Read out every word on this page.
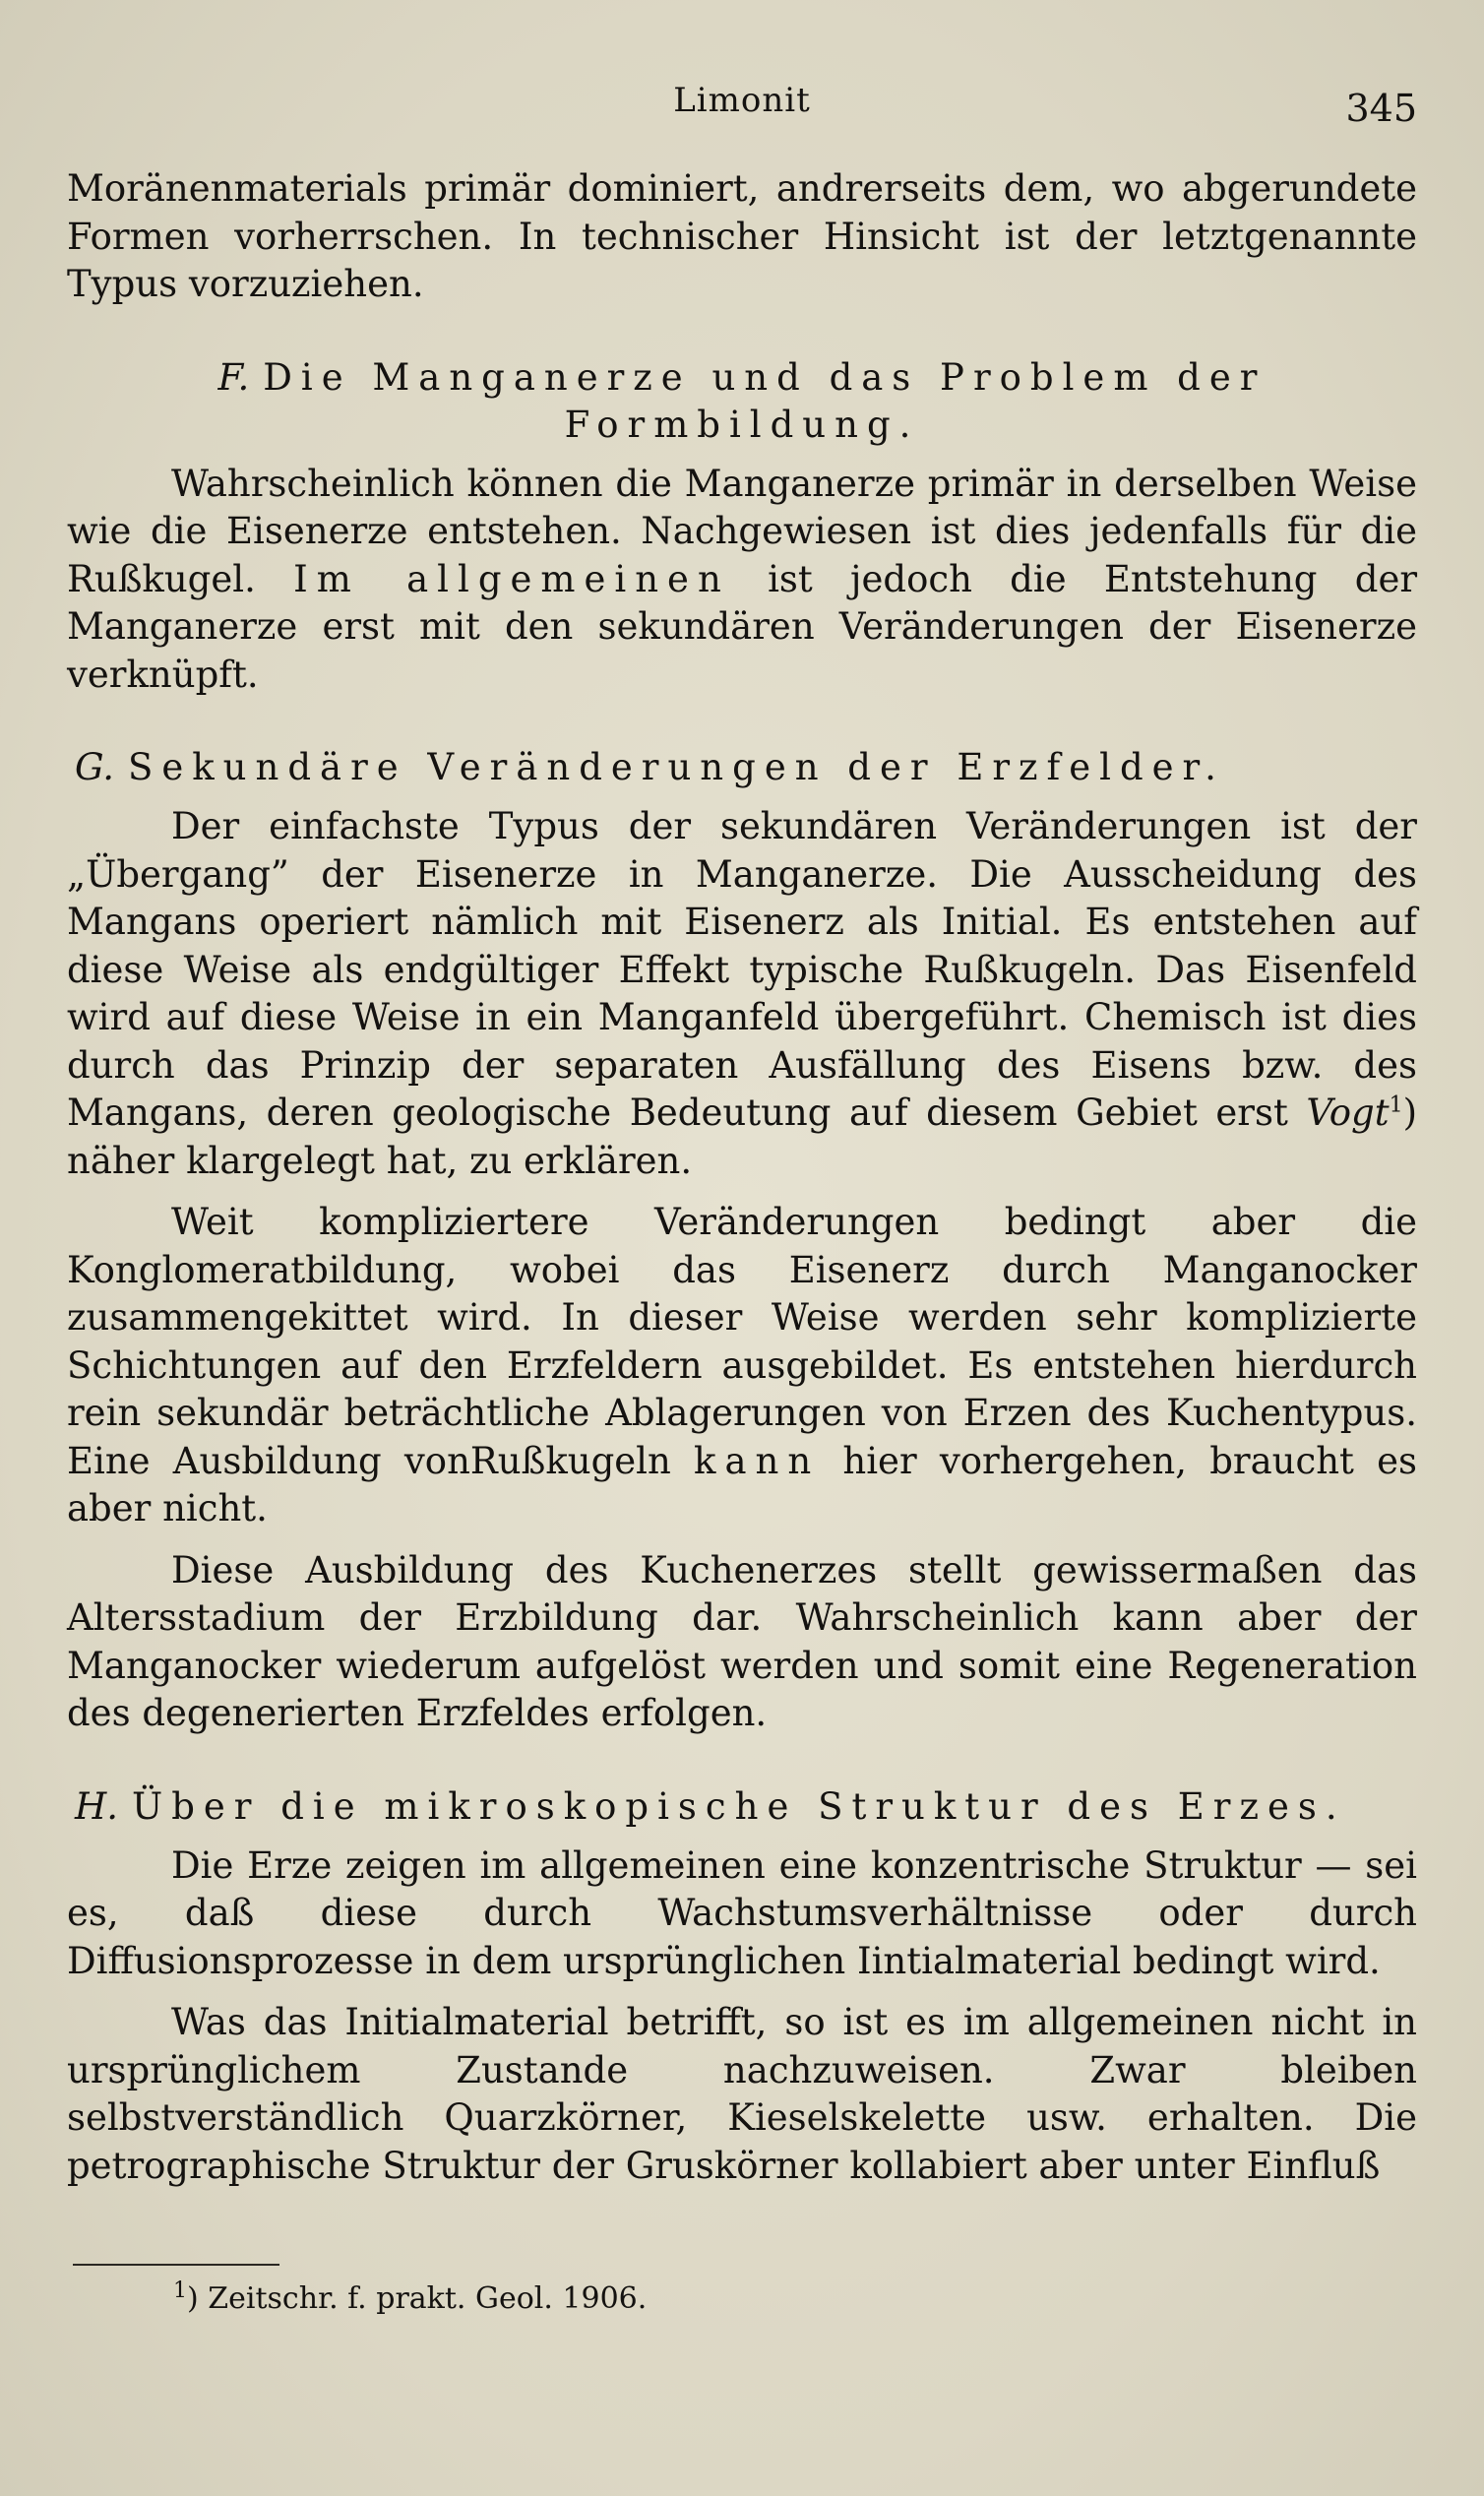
Limonit	345

Moränenmaterials primär dominiert, andrerseits dem, wo abgerundete Formen vorherrschen. In technischer Hinsicht ist der letztgenannte Typus vorzuziehen.

F. Die Manganerze und das Problem der Formbildung.

Wahrscheinlich können die Manganerze primär in derselben Weise wie die Eisenerze entstehen. Nachgewiesen ist dies jedenfalls für die Rußkugel. Im allgemeinen ist jedoch die Entstehung der Manganerze erst mit den sekundären Veränderungen der Eisenerze verknüpft.

G. Sekundäre Veränderungen der Erzfelder.

Der einfachste Typus der sekundären Veränderungen ist der „Übergang” der Eisenerze in Manganerze. Die Ausscheidung des Mangans operiert nämlich mit Eisenerz als Initial. Es entstehen auf diese Weise als endgültiger Effekt typische Rußkugeln. Das Eisenfeld wird auf diese Weise in ein Manganfeld übergeführt. Chemisch ist dies durch das Prinzip der separaten Ausfällung des Eisens bzw. des Mangans, deren geologische Bedeutung auf diesem Gebiet erst Vogt$^1$) näher klargelegt hat, zu erklären.

Weit kompliziertere Veränderungen bedingt aber die Konglomeratbildung, wobei das Eisenerz durch Manganocker zusammengekittet wird. In dieser Weise werden sehr komplizierte Schichtungen auf den Erzfeldern ausgebildet. Es entstehen hierdurch rein sekundär beträchtliche Ablagerungen von Erzen des Kuchentypus. Eine Ausbildung vonRußkugeln kann hier vorhergehen, braucht es aber nicht.

Diese Ausbildung des Kuchenerzes stellt gewissermaßen das Altersstadium der Erzbildung dar. Wahrscheinlich kann aber der Manganocker wiederum aufgelöst werden und somit eine Regeneration des degenerierten Erzfeldes erfolgen.

H. Über die mikroskopische Struktur des Erzes.

Die Erze zeigen im allgemeinen eine konzentrische Struktur — sei es, daß diese durch Wachstumsverhältnisse oder durch Diffusionsprozesse in dem ursprünglichen Iintialmaterial bedingt wird.

Was das Initialmaterial betrifft, so ist es im allgemeinen nicht in ursprünglichem Zustande nachzuweisen. Zwar bleiben selbstverständlich Quarzkörner, Kieselskelette usw. erhalten. Die petrographische Struktur der Gruskörner kollabiert aber unter Einfluß

$^1$) Zeitschr. f. prakt. Geol. 1906.
